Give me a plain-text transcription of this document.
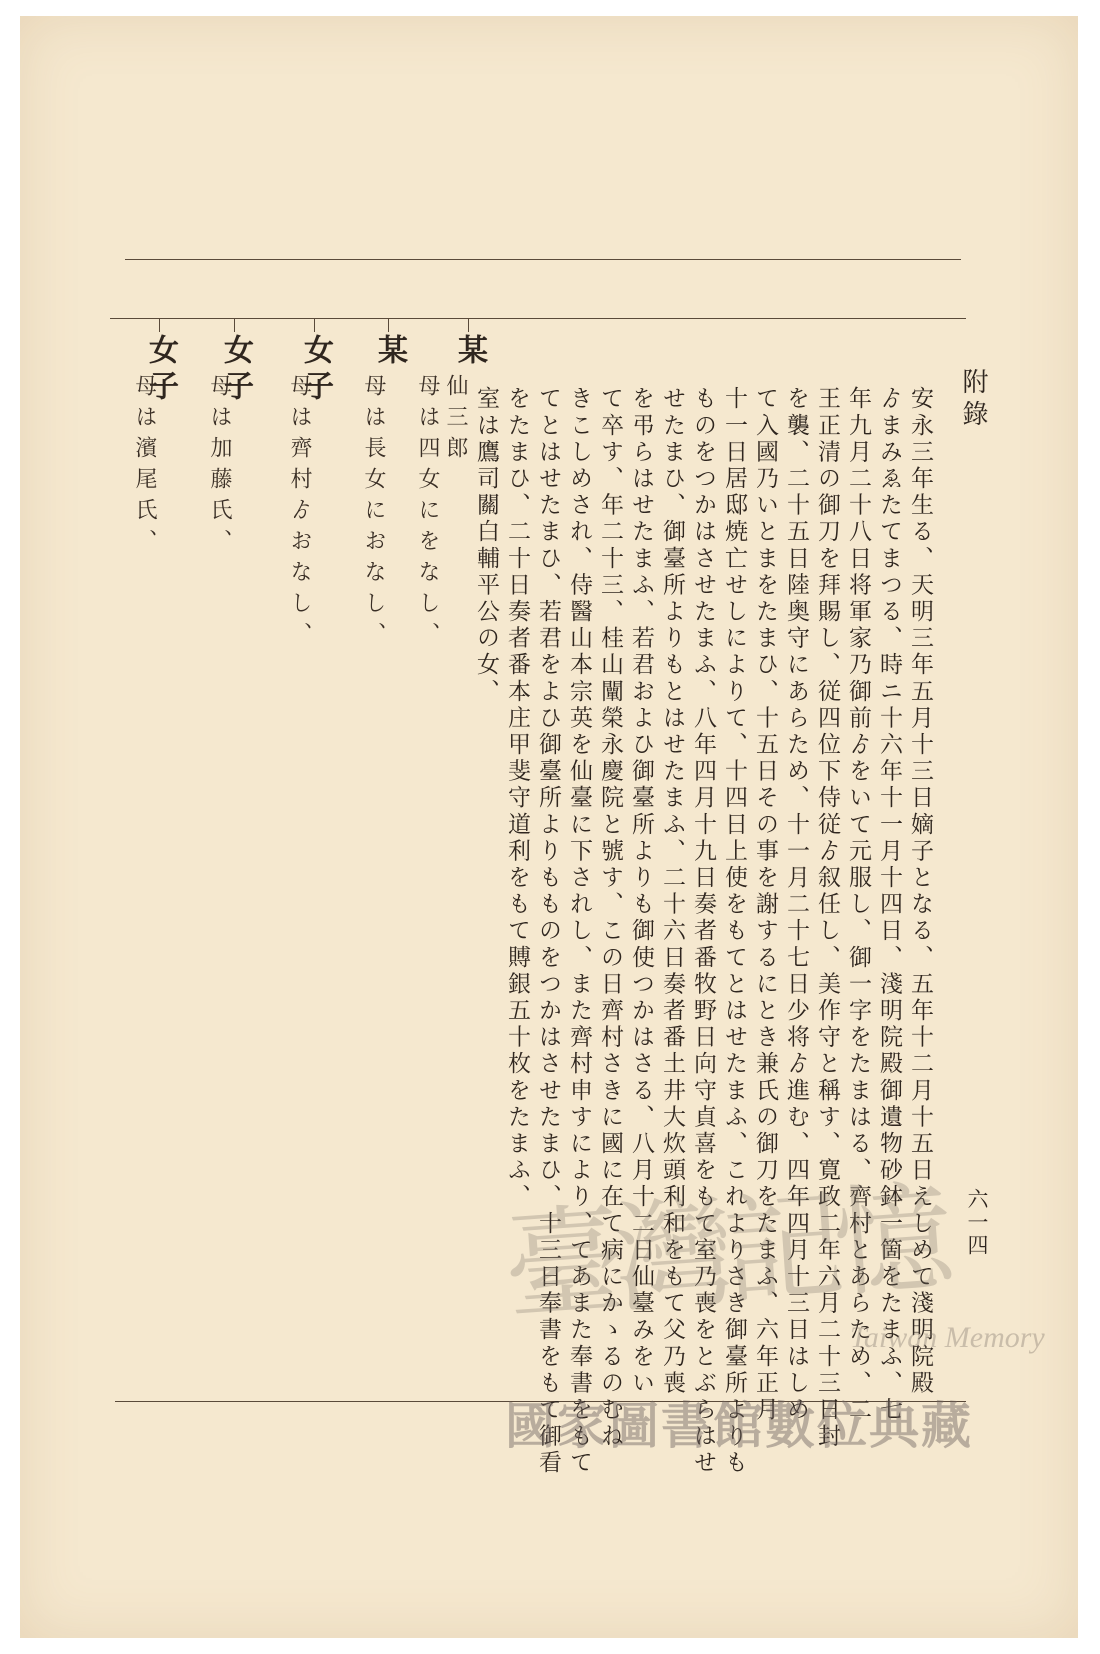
附錄
六一四
安永三年生る、天明三年五月十三日嫡子となる、五年十二月十五日えしめて淺明院殿
ゟまみゑたてまつる、時ニ十六年十一月十四日、淺明院殿御遺物砂鉢一箇をたまふ、七
年九月二十八日将軍家乃御前ゟをいて元服し、御一字をたまはる、齊村とあらため、二
王正清の御刀を拜賜し、従四位下侍従ゟ叙任し、美作守と稱す、寛政二年六月二十三日封
を襲、二十五日陸奥守にあらため、十一月二十七日少将ゟ進む、四年四月十三日はしめ
て入國乃いとまをたまひ、十五日その事を謝するにとき兼氏の御刀をたまふ、六年正月
十一日居邸焼亡せしによりて、十四日上使をもてとはせたまふ、これよりさき御臺所よりも
ものをつかはさせたまふ、八年四月十九日奏者番牧野日向守貞喜をもて室乃喪をとぶらはせ
せたまひ、御臺所よりもとはせたまふ、二十六日奏者番土井大炊頭利和をもて父乃喪
を弔らはせたまふ、若君およひ御臺所よりも御使つかはさる、八月十二日仙臺みをい
て卒す、年二十三、桂山闡榮永慶院と號す、この日齊村さきに國に在て病にかゝるのむね
きこしめされ、侍醫山本宗英を仙臺に下されし、また齊村申すにより、てあまた奉書をもて
てとはせたまひ、若君をよひ御臺所よりもものをつかはさせたまひ、十三日奉書をもて御看
をたまひ、二十日奏者番本庄甲斐守道利をもて賻銀五十枚をたまふ、
室は鷹司關白輔平公の女、
某
仙三郎
母は四女にをなし、
某
母は長女におなし、
女子
母は齊村ゟおなし、
女子
母は加藤氏、
女子
母は濱尾氏、
臺灣記憶
Taiwan Memory
國家圖書館數位典藏
